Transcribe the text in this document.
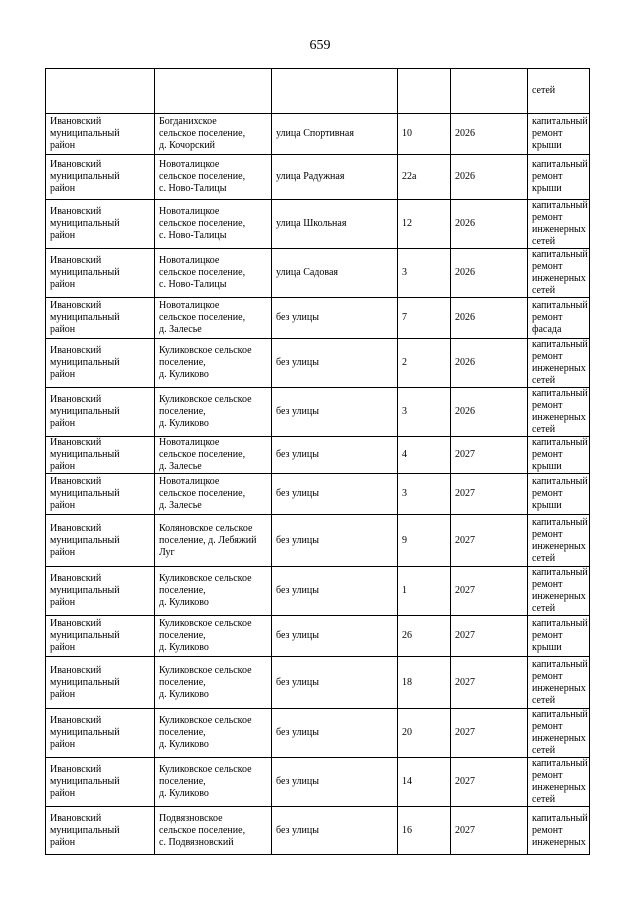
659
					сетей
Ивановский
муниципальный
район	Богданихское
сельское поселение,
д. Кочорский	улица Спортивная	10	2026	капитальный
ремонт крыши
Ивановский
муниципальный
район	Новоталицкое
сельское поселение,
с. Ново-Талицы	улица Радужная	22а	2026	капитальный
ремонт крыши
Ивановский
муниципальный
район	Новоталицкое
сельское поселение,
с. Ново-Талицы	улица Школьная	12	2026	капитальный
ремонт
инженерных
сетей
Ивановский
муниципальный
район	Новоталицкое
сельское поселение,
с. Ново-Талицы	улица Садовая	3	2026	капитальный
ремонт
инженерных
сетей
Ивановский
муниципальный
район	Новоталицкое
сельское поселение,
д. Залесье	без улицы	7	2026	капитальный
ремонт фасада
Ивановский
муниципальный
район	Куликовское сельское
поселение,
д. Куликово	без улицы	2	2026	капитальный
ремонт
инженерных
сетей
Ивановский
муниципальный
район	Куликовское сельское
поселение,
д. Куликово	без улицы	3	2026	капитальный
ремонт
инженерных
сетей
Ивановский
муниципальный
район	Новоталицкое
сельское поселение,
д. Залесье	без улицы	4	2027	капитальный
ремонт крыши
Ивановский
муниципальный
район	Новоталицкое
сельское поселение,
д. Залесье	без улицы	3	2027	капитальный
ремонт крыши
Ивановский
муниципальный
район	Коляновское сельское
поселение, д. Лебяжий
Луг	без улицы	9	2027	капитальный
ремонт
инженерных
сетей
Ивановский
муниципальный
район	Куликовское сельское
поселение,
д. Куликово	без улицы	1	2027	капитальный
ремонт
инженерных
сетей
Ивановский
муниципальный
район	Куликовское сельское
поселение,
д. Куликово	без улицы	26	2027	капитальный
ремонт крыши
Ивановский
муниципальный
район	Куликовское сельское
поселение,
д. Куликово	без улицы	18	2027	капитальный
ремонт
инженерных
сетей
Ивановский
муниципальный
район	Куликовское сельское
поселение,
д. Куликово	без улицы	20	2027	капитальный
ремонт
инженерных
сетей
Ивановский
муниципальный
район	Куликовское сельское
поселение,
д. Куликово	без улицы	14	2027	капитальный
ремонт
инженерных
сетей
Ивановский
муниципальный
район	Подвязновское
сельское поселение,
с. Подвязновский	без улицы	16	2027	капитальный
ремонт
инженерных
